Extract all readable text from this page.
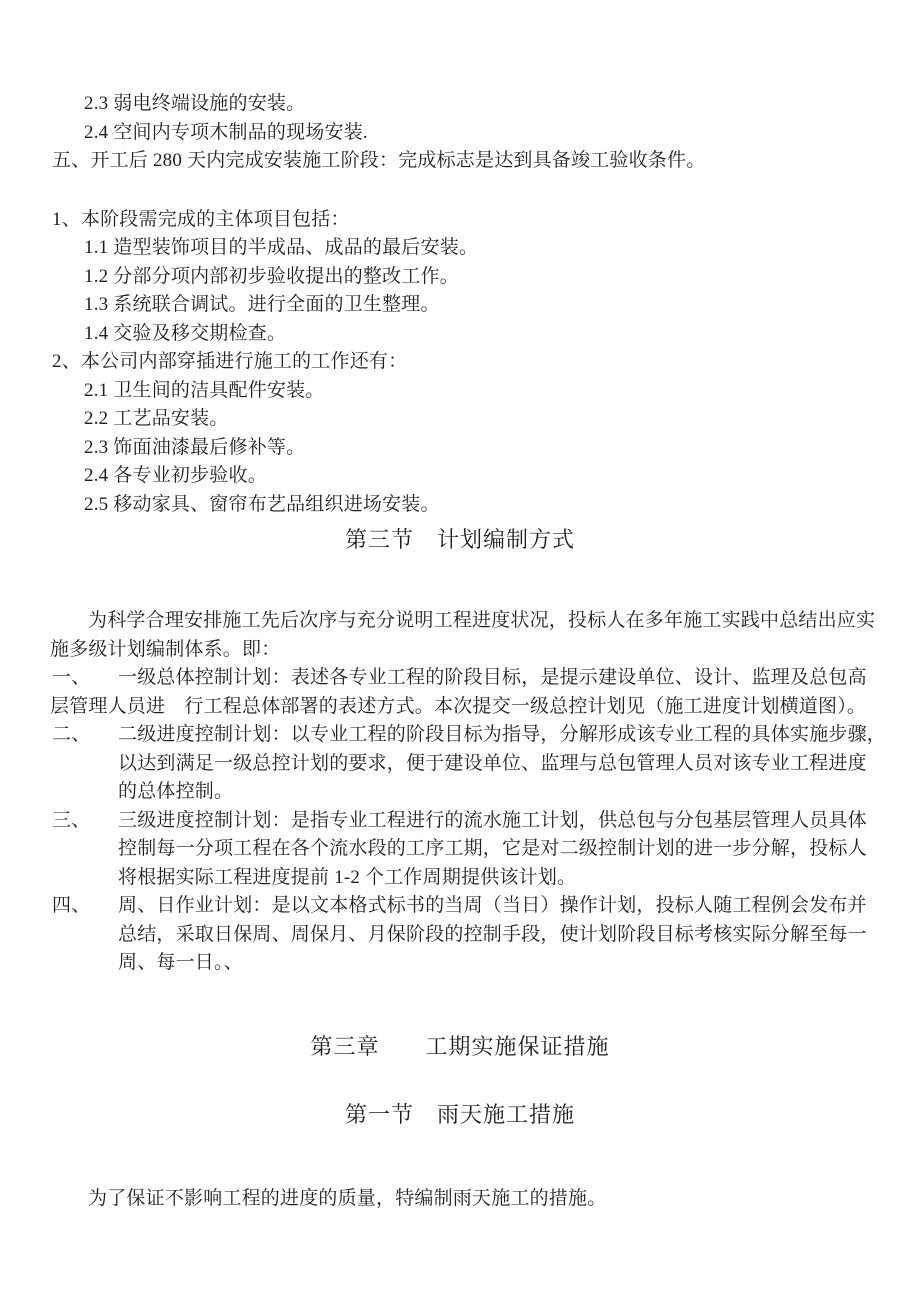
2.3 弱电终端设施的安装。
2.4 空间内专项木制品的现场安装.
五、开工后 280 天内完成安装施工阶段：完成标志是达到具备竣工验收条件。
1、本阶段需完成的主体项目包括：
1.1 造型装饰项目的半成品、成品的最后安装。
1.2 分部分项内部初步验收提出的整改工作。
1.3 系统联合调试。进行全面的卫生整理。
1.4 交验及移交期检查。
2、本公司内部穿插进行施工的工作还有：
2.1 卫生间的洁具配件安装。
2.2 工艺品安装。
2.3 饰面油漆最后修补等。
2.4 各专业初步验收。
2.5 移动家具、窗帘布艺品组织进场安装。
第三节　计划编制方式
为科学合理安排施工先后次序与充分说明工程进度状况，投标人在多年施工实践中总结出应实
施多级计划编制体系。即：
一、	一级总体控制计划：表述各专业工程的阶段目标，是提示建设单位、设计、监理及总包高
层管理人员进　行工程总体部署的表述方式。本次提交一级总控计划见（施工进度计划横道图）。
二、	二级进度控制计划：以专业工程的阶段目标为指导，分解形成该专业工程的具体实施步骤，
以达到满足一级总控计划的要求，便于建设单位、监理与总包管理人员对该专业工程进度
的总体控制。
三、	三级进度控制计划：是指专业工程进行的流水施工计划，供总包与分包基层管理人员具体
控制每一分项工程在各个流水段的工序工期，它是对二级控制计划的进一步分解，投标人
将根据实际工程进度提前 1-2 个工作周期提供该计划。
四、	周、日作业计划：是以文本格式标书的当周（当日）操作计划，投标人随工程例会发布并
总结，采取日保周、周保月、月保阶段的控制手段，使计划阶段目标考核实际分解至每一
周、每一日。、
第三章　　工期实施保证措施
第一节　雨天施工措施
为了保证不影响工程的进度的质量，特编制雨天施工的措施。
